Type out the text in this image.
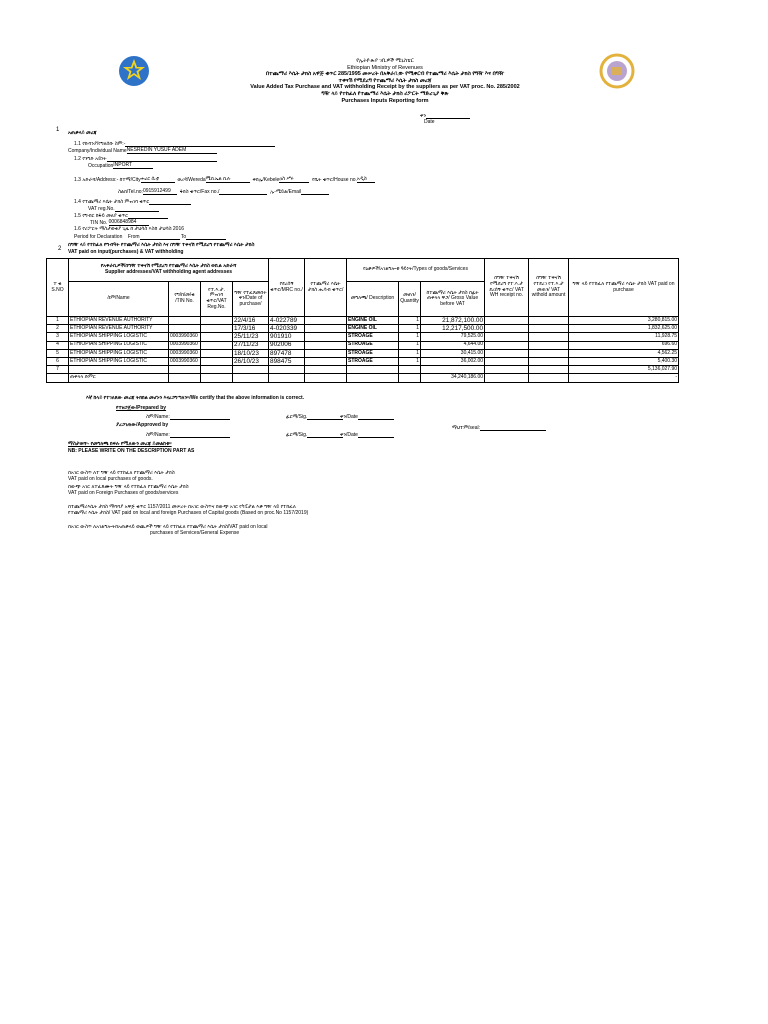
የኢትዮጵያ ገቢዎች ሚኒስቴር
Ethiopian Ministry of Revenues
በተጨማሪ እሴት ታክስ አዋጅ ቁጥር 285/1995 መሠረት በአቅራቢው የሚቀርብ የተጨማሪ እሴት ታክስ የግዥ እና በግዥ
ተቀናሽ የሚደረግ የተጨማሪ እሴት ታክስ መረጃ
Value Added Tax Purchase and VAT withholding Receipt by the suppliers as per VAT proc. No. 285/2002
ግዥ ላይ የተከፈለ የተጨማሪ እሴት ታክስ ሪፖርት ማድረጊያ ቅጽ
Purchases Inputs Reporting form
ቀን
Date
1 አጠቃላይ መረጃ
1.1 የኩባንያ/የግለሰቡ ስም:-
Company/Individual NameNESREDIN YUSUF ADEM
1.2 የንግድ አይነት
OccupationINPORT
1.3 አድራሻ/Address:- ከተማ/Cityሐረር ሲቲ	ወረዳ/Weredaሚኪኤል ኪሉ	ቀበሌ/Kebeleዐስ ሥሩ	የቤት ቁጥር/House no.አዲስ
ስልክ/Tel.no:0915912499 ፋክስ ቁጥር/Fax no./	ኢ-ሜይል/Email
1.4 የተጨማሪ እሴት ታክስ ምዝገባ ቁጥር
VAT reg.No.
1.5 የግብር ከፋይ መለያ ቁጥር
TIN No. 0006848984
1.6 የሪፖርት ማስታወቂያ ጊዜ ከ ታህሳስ እስከ ታህሳስ 2016
Period for Declaration From	To
2
በግዥ ላይ የተከፈለ የግብዓት የተጨማሪ እሴት ታክስ እና በግዥ ተቀናሽ የሚደረግ የተጨማሪ እሴት ታክስ
VAT paid on input(purchases) & VAT withholding
ተ ቁ
S.NO	የአቅራቢዎች/በግዥ ተቀናሽ የሚደረግ የተጨማሪ እሴት ታክስ ወኪል አድራሻ
Supplier addresses/VAT withholding agent addresses				የደረሰኝ ቁጥር/MRC no./	የተጨማሪ እሴት ታክስ ሒሳብ ቁጥር/	የዕቃዎች/አገልግሎቱ ዓይነት/Types of goods/Services			በግዥ ተቀናሽ የሚደረግ የተ.እ.ታ ደረሰኝ ቁጥር/ VAT WH receipt no.	በግዥ ተቀናሽ የተደረገ የተ.እ.ታ መጠን/ VAT withold amount	ግዥ ላይ የተከፈለ የተጨማሪ እሴት ታክስ VAT paid on purchase
	ስም/Name	የግ/ከ/መ/ቁ /TIN No.	የተ.እ.ታ. ምዝገባ ቁጥር/VAT Reg.No.	ግዥ የተፈጸመበት ቀን/Date of purchase/			መግለጫ/ Description	መጠን/ Quantity	ከተጨማሪ እሴት ታክስ በፊት ጠቅላላ ዋጋ/ Gross Value before VAT			
1	ETHIOPIAN REVENUE AUTHORITY			22/4/16	4-022789		ENGINE OIL	1	21,872,100.00			3,280,815.00
2	ETHIOPIAN REVENUE AUTHORITY			17/3/16	4-020339		ENGINE OIL	1	12,217,500.00			1,832,625.00
3	ETHIOPIAN SHIPPING LOGISTIC	0003990360		25/11/23	901910		STROAGE	1	79,525.00			11,928.75
4	ETHIOPIAN SHIPPING LOGISTIC	0003990360		27/11/23	902006		STROAGE	1	4,644.00			696.60
5	ETHIOPIAN SHIPPING LOGISTIC	0003990360		18/10/23	897478		STROAGE	1	30,415.00			4,562.25
6	ETHIOPIAN SHIPPING LOGISTIC	0003990360		26/10/23	898475		STROAGE	1	36,002.00			5,400.30
7												5,136,027.90
	ጠቅላላ ድምር								34,240,186.00			-
እኛ ከላይ የተገለጸው መረጃ ትክክል መሆኑን እናረጋግጣለን።/We certify that the above information is correct.
የተዘጋጀው/Prepared by
ስም/Name:	ፊርማ/Sig.	ቀን/Date
ማህተም/seal:
ያረጋገጠው/Approved by
ስም/Name:	ፊርማ/Sig.	ቀን/Date
ማስታወሻ፡- የመግለጫ ክፍሉ የሚለውን መረጃ ይመልከቱ።
NB: PLEASE WRITE ON THE DESCRIPTION PART AS
በአገር ውስጥ ለተ ግዥ ላይ የተከፈለ የተጨማሪ እሴት ታክስ
VAT paid on local purchases of goods.
በውጭ አገር ለተፈጸሙት ግዥ ላይ የተከፈለ የተጨማሪ እሴት ታክስ
VAT paid on Foreign Purchases of goods/services
በተጨማሪእሴት ታክስ ማሻሻያ አዋጅ ቁጥር 1157/2011 መሠረት በአገር ውስጥና በውጭ አገር የካፒታል እቃ ግዥ ላይ የተከፈለ
የተጨማሪ እሴት ታክስ/ VAT paid on local and foreign Purchases of Capital goods (Based on proc.No 1157/2019)
በአገር ውስጥ ለአገልግሎትከአጠቃላይ ወጪዎች ግዥ ላይ የተከፈለ የተጨማሪ እሴት ታክስ/VAT paid on local
purchases of Services/General Expense
